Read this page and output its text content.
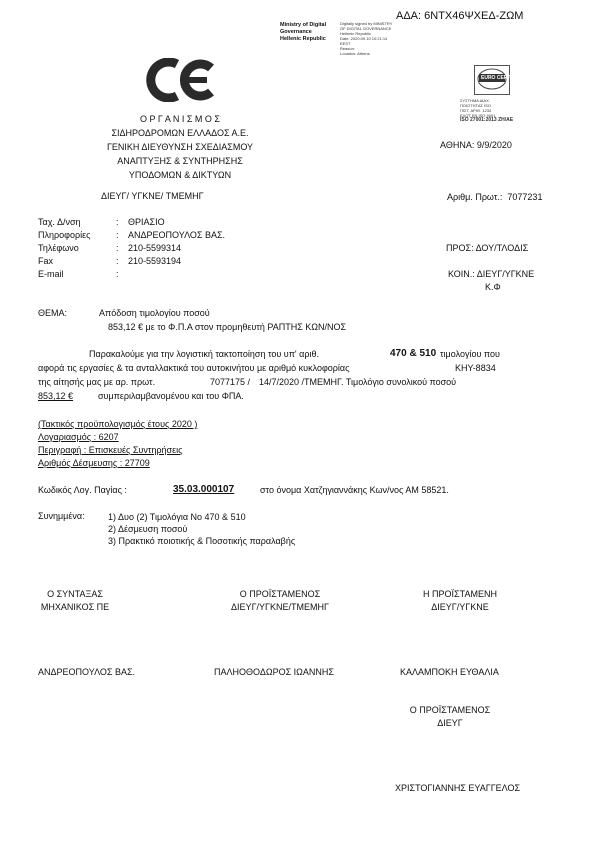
ΑΔΑ: 6ΝΤΧ46ΨΧΕΔ-ΖΩΜ
Ministry of Digital
Governance
Hellenic Republic
Digitally signed by MINISTRY
OF DIGITAL GOVERNANCE
Hellenic Republic
Date: 2020.09.10 10:21:14
EEST
Reason:
Location: Athens
EURO CERT
ΣΥΣΤΗΜΑ ΔΙΑΧ.
ΠΟΙΟΤΗΤΑΣ ISO
ΠΙΣΤ. ΑΡΙΘ. 1234
ΕΛΟΤ EN ISO 9001
ISO 27001:2013 ΖΗ/ΑΕ
Ο Ρ Γ Α Ν Ι Σ Μ Ο Σ
ΣΙΔΗΡΟΔΡΟΜΩΝ ΕΛΛΑΔΟΣ Α.Ε.
ΓΕΝΙΚΗ ΔΙΕΥΘΥΝΣΗ ΣΧΕΔΙΑΣΜΟΥ
ΑΝΑΠΤΥΞΗΣ & ΣΥΝΤΗΡΗΣΗΣ
ΥΠΟΔΟΜΩΝ & ΔΙΚΤΥΩΝ
ΑΘΗΝΑ: 9/9/2020
ΔΙΕΥΓ/ ΥΓΚΝΕ/ ΤΜΕΜΗΓ	Αριθμ. Πρωτ.: 7077231
Ταχ. Δ/νση	: ΘΡΙΑΣΙΟ
Πληροφορίες	: ΑΝΔΡΕΟΠΟΥΛΟΣ ΒΑΣ.
Τηλέφωνο	: 210-5599314
Fax	: 210-5593194
E-mail	:
ΠΡΟΣ: ΔΟΥ/ΤΛΟΔΙΣ
ΚΟΙΝ.: ΔΙΕΥΓ/ΥΓΚΝΕ
Κ.Φ
ΘΕΜΑ:	Απόδοση τιμολογίου ποσού
853,12 € με το Φ.Π.Α στον προμηθευτή ΡΑΠΤΗΣ ΚΩΝ/ΝΟΣ
Παρακαλούμε για την λογιστική τακτοποίηση του υπ' αριθ.	470 & 510 τιμολογίου που
αφορά τις εργασίες & τα ανταλλακτικά του αυτοκινήτου με αριθμό κυκλοφορίας	ΚΗΥ-8834
της αίτησής μας με αρ. πρωτ.	7077175 / 14/7/2020 /ΤΜΕΜΗΓ. Τιμολόγιο συνολικού ποσού
853,12 €	συμπεριλαμβανομένου και του ΦΠΑ.
(Τακτικός προϋπολογισμός έτους 2020 )
Λογαριασμός : 6207
Περιγραφή : Επισκευές Συντηρήσεις
Αριθμός Δέσμευσης : 27709
Κωδικός Λογ. Παγίας :	35.03.000107	στο όνομα Χατζηγιαννάκης Κων/νος ΑΜ 58521.
Συνημμένα:	1) Δυο (2) Τιμολόγια Νο 470 & 510
2) Δέσμευση ποσού
3) Πρακτικό ποιοτικής & Ποσοτικής παραλαβής
Ο ΣΥΝΤΑΞΑΣ
ΜΗΧΑΝΙΚΟΣ ΠΕ
Ο ΠΡΟΪΣΤΑΜΕΝΟΣ
ΔΙΕΥΓ/ΥΓΚΝΕ/ΤΜΕΜΗΓ
Η ΠΡΟΪΣΤΑΜΕΝΗ
ΔΙΕΥΓ/ΥΓΚΝΕ
ΑΝΔΡΕΟΠΟΥΛΟΣ ΒΑΣ.	ΠΑΛΗΟΘΟΔΩΡΟΣ ΙΩΑΝΝΗΣ	ΚΑΛΑΜΠΟΚΗ ΕΥΘΑΛΙΑ
Ο ΠΡΟΪΣΤΑΜΕΝΟΣ
ΔΙΕΥΓ
ΧΡΙΣΤΟΓΙΑΝΝΗΣ ΕΥΑΓΓΕΛΟΣ
